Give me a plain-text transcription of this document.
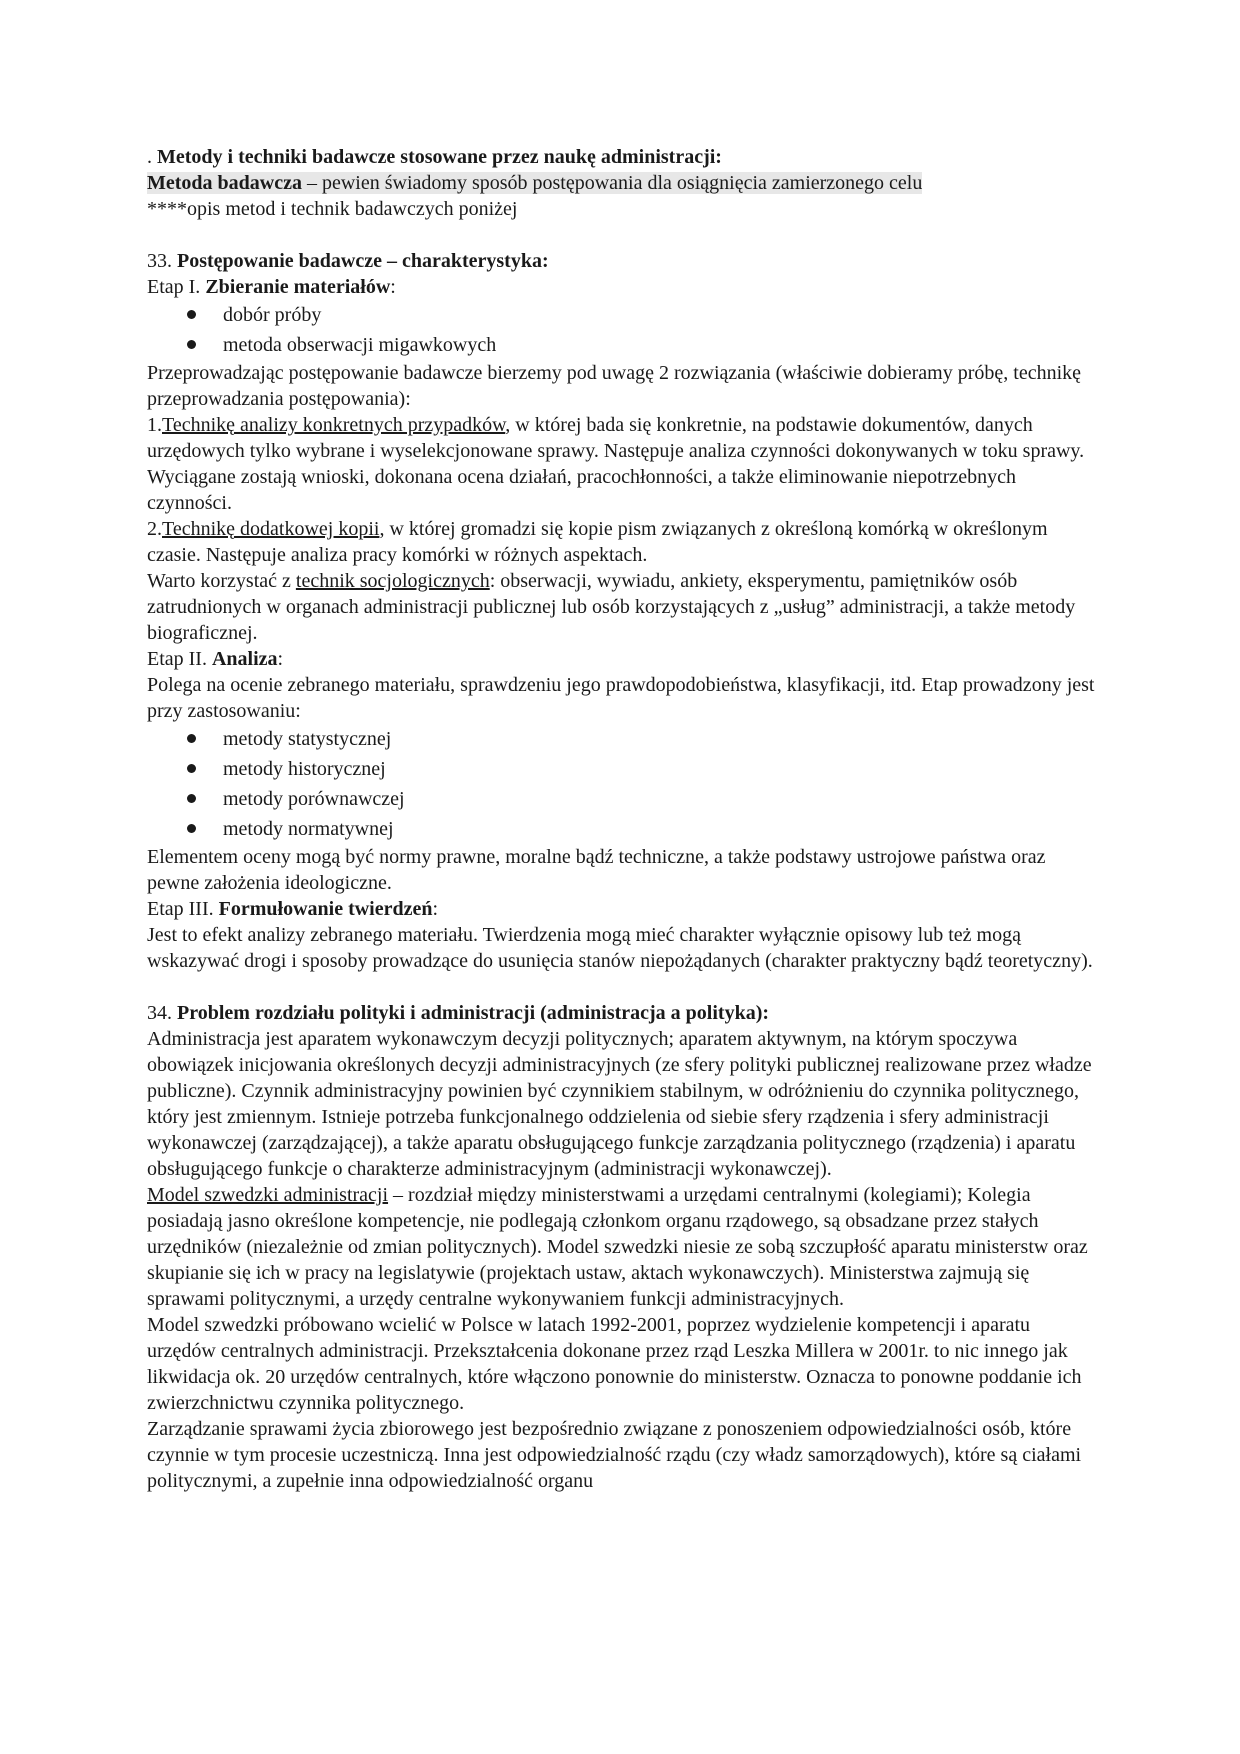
. Metody i techniki badawcze stosowane przez naukę administracji:

Metoda badawcza – pewien świadomy sposób postępowania dla osiągnięcia zamierzonego celu

****opis metod i technik badawczych poniżej

33. Postępowanie badawcze – charakterystyka:

Etap I. Zbieranie materiałów:

dobór próby
metoda obserwacji migawkowych

Przeprowadzając postępowanie badawcze bierzemy pod uwagę 2 rozwiązania (właściwie dobieramy próbę, technikę przeprowadzania postępowania):

1.Technikę analizy konkretnych przypadków, w której bada się konkretnie, na podstawie dokumentów, danych urzędowych tylko wybrane i wyselekcjonowane sprawy. Następuje analiza czynności dokonywanych w toku sprawy. Wyciągane zostają wnioski, dokonana ocena działań, pracochłonności, a także eliminowanie niepotrzebnych czynności.

2.Technikę dodatkowej kopii, w której gromadzi się kopie pism związanych z określoną komórką w określonym czasie. Następuje analiza pracy komórki w różnych aspektach.

Warto korzystać z technik socjologicznych: obserwacji, wywiadu, ankiety, eksperymentu, pamiętników osób zatrudnionych w organach administracji publicznej lub osób korzystających z „usług” administracji, a także metody biograficznej.

Etap II. Analiza:

Polega na ocenie zebranego materiału, sprawdzeniu jego prawdopodobieństwa, klasyfikacji, itd. Etap prowadzony jest przy zastosowaniu:

metody statystycznej
metody historycznej
metody porównawczej
metody normatywnej

Elementem oceny mogą być normy prawne, moralne bądź techniczne, a także podstawy ustrojowe państwa oraz pewne założenia ideologiczne.

Etap III. Formułowanie twierdzeń:

Jest to efekt analizy zebranego materiału. Twierdzenia mogą mieć charakter wyłącznie opisowy lub też mogą wskazywać drogi i sposoby prowadzące do usunięcia stanów niepożądanych (charakter praktyczny bądź teoretyczny).

34. Problem rozdziału polityki i administracji (administracja a polityka):

Administracja jest aparatem wykonawczym decyzji politycznych; aparatem aktywnym, na którym spoczywa obowiązek inicjowania określonych decyzji administracyjnych (ze sfery polityki publicznej realizowane przez władze publiczne). Czynnik administracyjny powinien być czynnikiem stabilnym, w odróżnieniu do czynnika politycznego, który jest zmiennym. Istnieje potrzeba funkcjonalnego oddzielenia od siebie sfery rządzenia i sfery administracji wykonawczej (zarządzającej), a także aparatu obsługującego funkcje zarządzania politycznego (rządzenia) i aparatu obsługującego funkcje o charakterze administracyjnym (administracji wykonawczej).

Model szwedzki administracji – rozdział między ministerstwami a urzędami centralnymi (kolegiami); Kolegia posiadają jasno określone kompetencje, nie podlegają członkom organu rządowego, są obsadzane przez stałych urzędników (niezależnie od zmian politycznych). Model szwedzki niesie ze sobą szczupłość aparatu ministerstw oraz skupianie się ich w pracy na legislatywie (projektach ustaw, aktach wykonawczych). Ministerstwa zajmują się sprawami politycznymi, a urzędy centralne wykonywaniem funkcji administracyjnych.

Model szwedzki próbowano wcielić w Polsce w latach 1992-2001, poprzez wydzielenie kompetencji i aparatu urzędów centralnych administracji. Przekształcenia dokonane przez rząd Leszka Millera w 2001r. to nic innego jak likwidacja ok. 20 urzędów centralnych, które włączono ponownie do ministerstw. Oznacza to ponowne poddanie ich zwierzchnictwu czynnika politycznego.

Zarządzanie sprawami życia zbiorowego jest bezpośrednio związane z ponoszeniem odpowiedzialności osób, które czynnie w tym procesie uczestniczą. Inna jest odpowiedzialność rządu (czy władz samorządowych), które są ciałami politycznymi, a zupełnie inna odpowiedzialność organu
